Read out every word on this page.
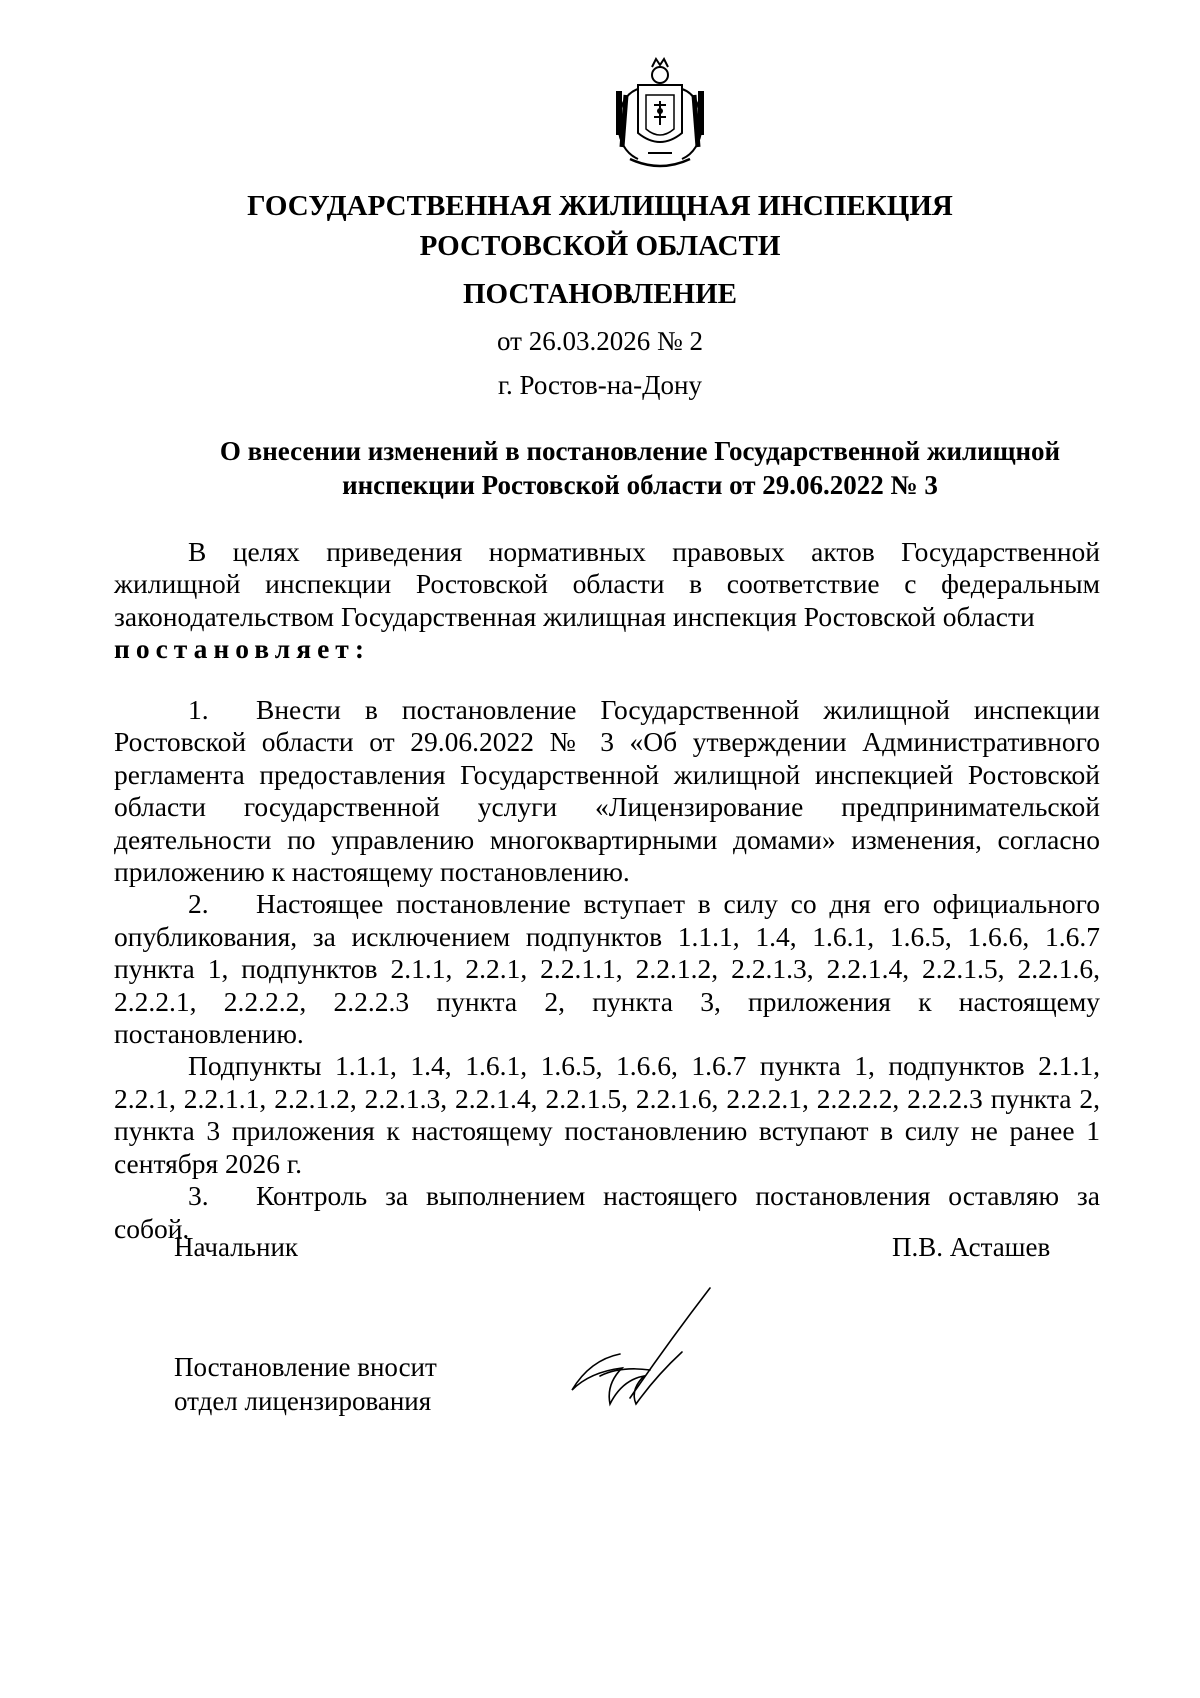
ГОСУДАРСТВЕННАЯ ЖИЛИЩНАЯ ИНСПЕКЦИЯ
РОСТОВСКОЙ ОБЛАСТИ
ПОСТАНОВЛЕНИЕ
от 26.03.2026 № 2
г. Ростов-на-Дону
О внесении изменений в постановление Государственной жилищной
инспекции Ростовской области от 29.06.2022 № 3

В целях приведения нормативных правовых актов Государственной жилищной инспекции Ростовской области в соответствие с федеральным законодательством Государственная жилищная инспекция Ростовской области

постановляет:

1. Внести в постановление Государственной жилищной инспекции Ростовской области от 29.06.2022 № 3 «Об утверждении Административного регламента предоставления Государственной жилищной инспекцией Ростовской области государственной услуги «Лицензирование предпринимательской деятельности по управлению многоквартирными домами» изменения, согласно приложению к настоящему постановлению.

2. Настоящее постановление вступает в силу со дня его официального опубликования, за исключением подпунктов 1.1.1, 1.4, 1.6.1, 1.6.5, 1.6.6, 1.6.7 пункта 1, подпунктов 2.1.1, 2.2.1, 2.2.1.1, 2.2.1.2, 2.2.1.3, 2.2.1.4, 2.2.1.5, 2.2.1.6, 2.2.2.1, 2.2.2.2, 2.2.2.3 пункта 2, пункта 3, приложения к настоящему постановлению.

Подпункты 1.1.1, 1.4, 1.6.1, 1.6.5, 1.6.6, 1.6.7 пункта 1, подпунктов 2.1.1, 2.2.1, 2.2.1.1, 2.2.1.2, 2.2.1.3, 2.2.1.4, 2.2.1.5, 2.2.1.6, 2.2.2.1, 2.2.2.2, 2.2.2.3 пункта 2, пункта 3 приложения к настоящему постановлению вступают в силу не ранее 1 сентября 2026 г.

3. Контроль за выполнением настоящего постановления оставляю за собой.

Начальник	П.В. Асташев
Постановление вносит
отдел лицензирования
